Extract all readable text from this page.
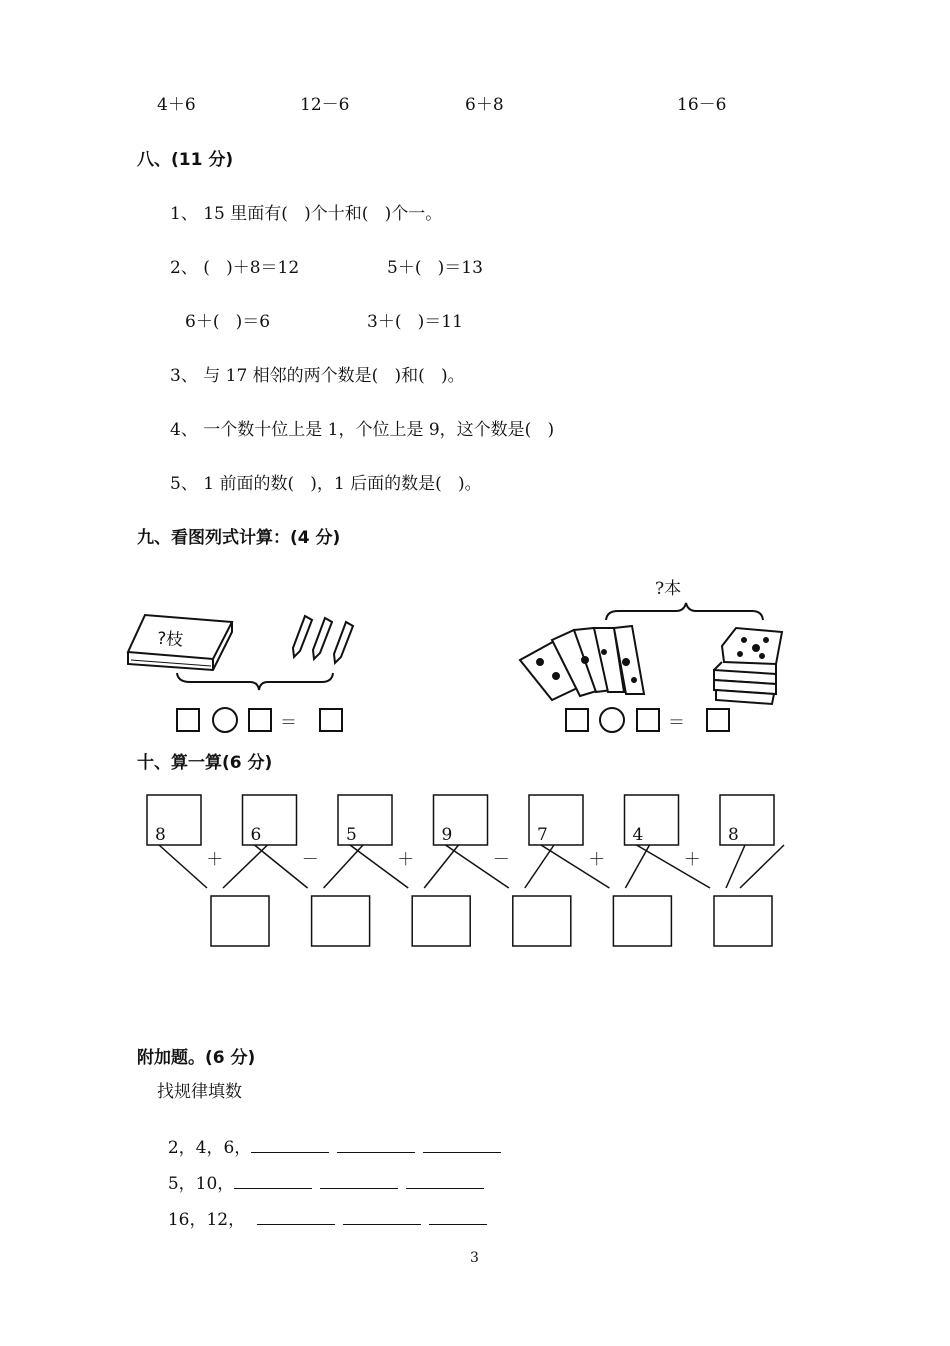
4＋6	12－6	6＋8	16－6
八、(11 分)
1、 15 里面有(   )个十和(   )个一。
2、 (   )＋8＝12	5＋(   )＝13
6＋(   )＝6	3＋(   )＝11
3、 与 17 相邻的两个数是(   )和(   )。
4、 一个数十位上是 1，个位上是 9，这个数是(   )
5、 1 前面的数(   )，1 后面的数是(   )。
九、看图列式计算：(4 分)
?枝
?本
＝	＝
8	6	5	9	7	4	8
＋	－	＋	－	＋	＋
十、算一算(6 分)
附加题。(6 分)
找规律填数

2，4，6，

5，10，

16，12，

3
